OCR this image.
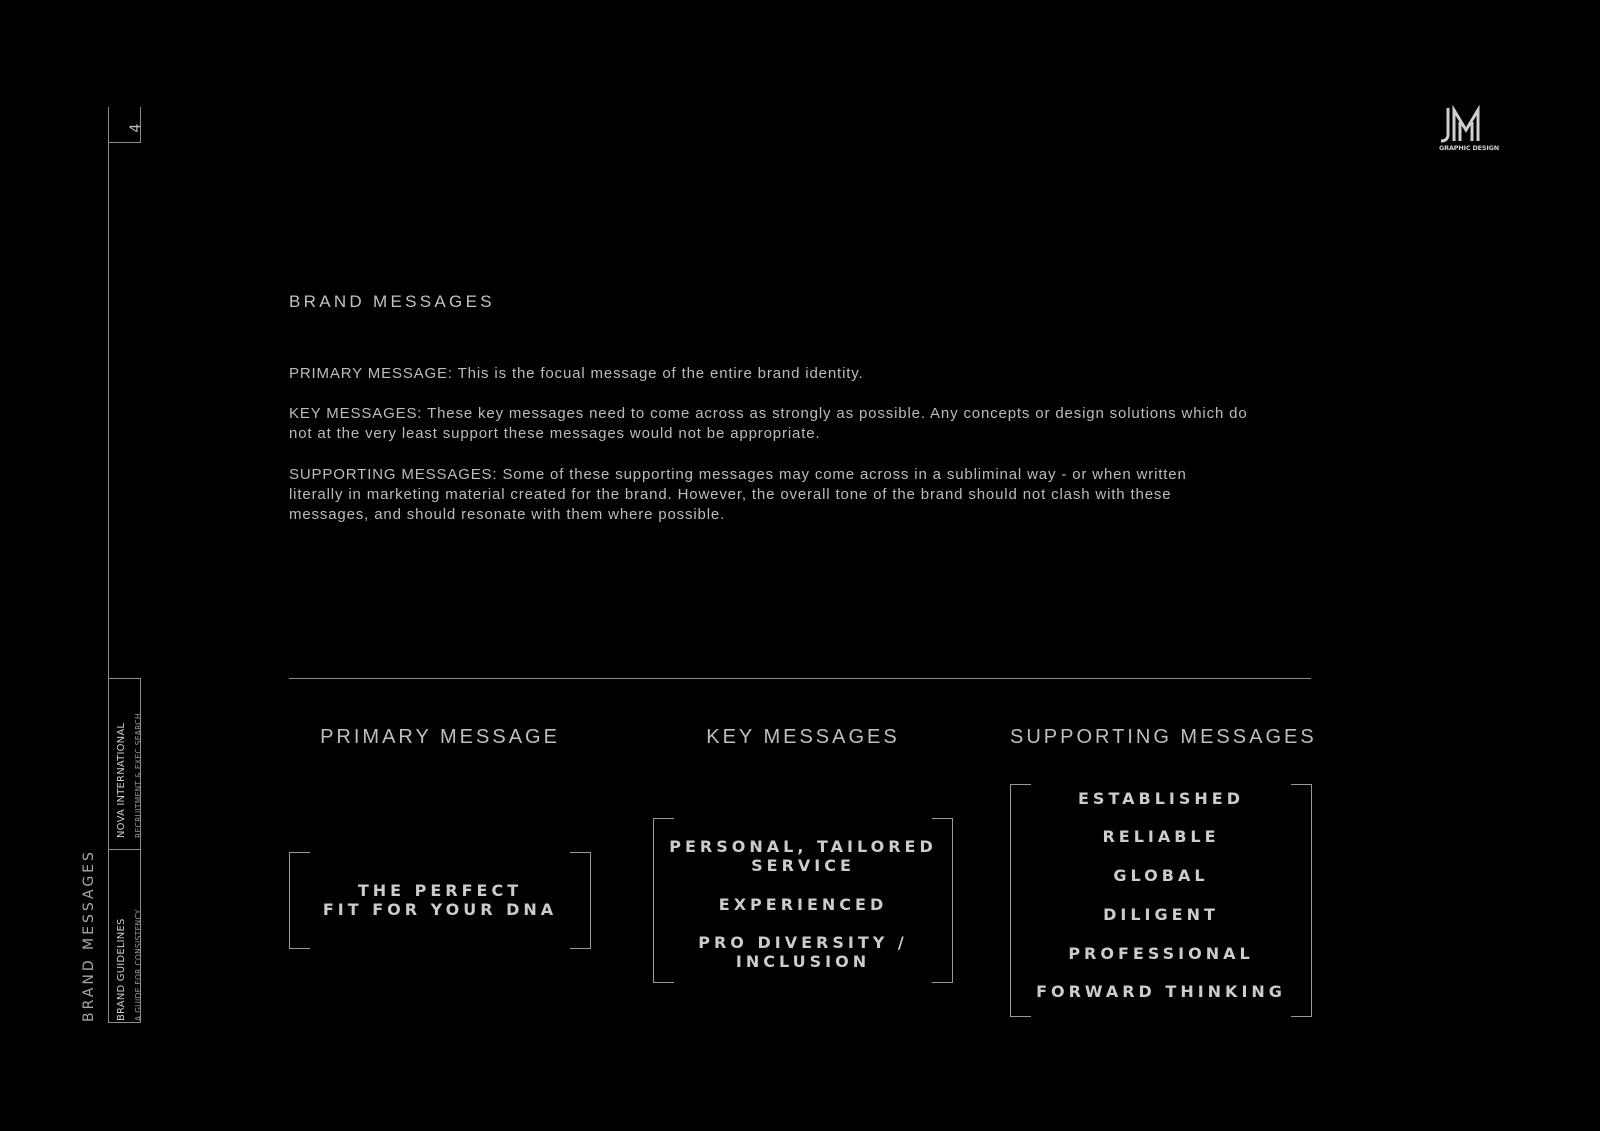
4
BRAND MESSAGES
NOVA INTERNATIONAL RECRUITMENT & EXEC SEARCH
BRAND GUIDELINES A GUIDE FOR CONSISTENCY
GRAPHIC DESIGN
BRAND MESSAGES
PRIMARY MESSAGE: This is the focual message of the entire brand identity.
KEY MESSAGES: These key messages need to come across as strongly as possible. Any concepts or design solutions which do
not at the very least support these messages would not be appropriate.
SUPPORTING MESSAGES: Some of these supporting messages may come across in a subliminal way - or when written
literally in marketing material created for the brand. However, the overall tone of the brand should not clash with these
messages, and should resonate with them where possible.
PRIMARY MESSAGE	KEY MESSAGES	SUPPORTING MESSAGES
THE PERFECT
FIT FOR YOUR DNA
PERSONAL, TAILORED
SERVICE
EXPERIENCED
PRO DIVERSITY /
INCLUSION
ESTABLISHED
RELIABLE
GLOBAL
DILIGENT
PROFESSIONAL
FORWARD THINKING
